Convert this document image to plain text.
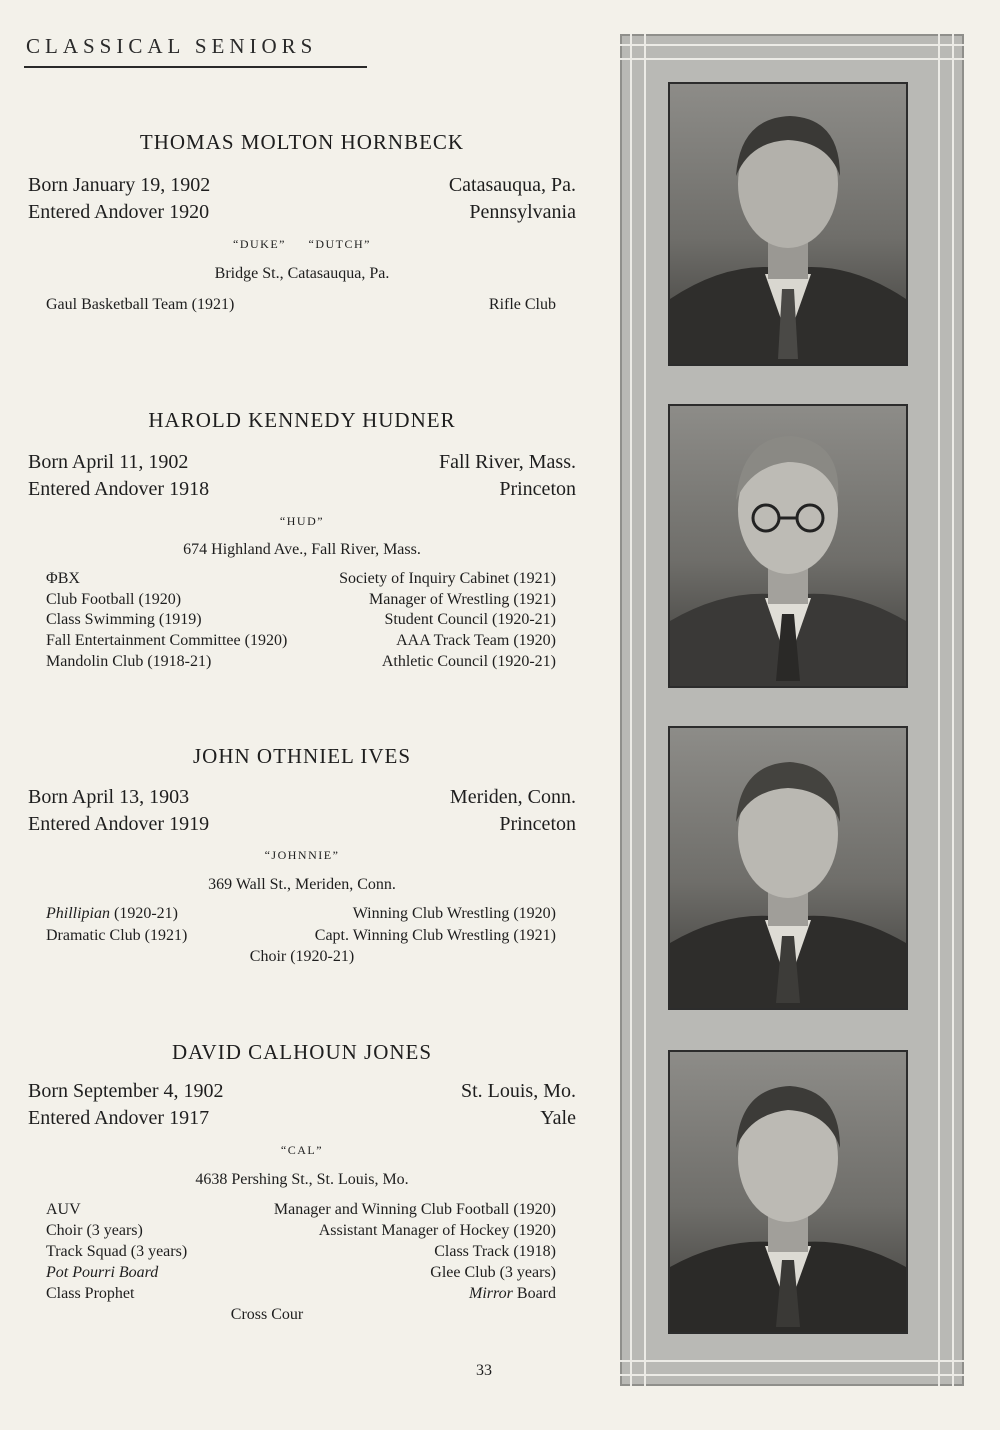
CLASSICAL SENIORS
THOMAS MOLTON HORNBECK
Born January 19, 1902	Catasauqua, Pa.
Entered Andover 1920	Pennsylvania
“DUKE”     “DUTCH”
Bridge St., Catasauqua, Pa.
Gaul Basketball Team (1921)	Rifle Club
HAROLD KENNEDY HUDNER
Born April 11, 1902	Fall River, Mass.
Entered Andover 1918	Princeton
“HUD”
674 Highland Ave., Fall River, Mass.
ΦBX	Society of Inquiry Cabinet (1921)
Club Football (1920)	Manager of Wrestling (1921)
Class Swimming (1919)	Student Council (1920-21)
Fall Entertainment Committee (1920)	AAA Track Team (1920)
Mandolin Club (1918-21)	Athletic Council (1920-21)
JOHN OTHNIEL IVES
Born April 13, 1903	Meriden, Conn.
Entered Andover 1919	Princeton
“JOHNNIE”
369 Wall St., Meriden, Conn.
Phillipian (1920-21)	Winning Club Wrestling (1920)
Dramatic Club (1921)	Capt. Winning Club Wrestling (1921)
Choir (1920-21)
DAVID CALHOUN JONES
Born September 4, 1902	St. Louis, Mo.
Entered Andover 1917	Yale
“CAL”
4638 Pershing St., St. Louis, Mo.
AUV	Manager and Winning Club Football (1920)
Choir (3 years)	Assistant Manager of Hockey (1920)
Track Squad (3 years)	Class Track (1918)
Pot Pourri Board	Glee Club (3 years)
Class Prophet	Mirror Board
Cross Cour
33
